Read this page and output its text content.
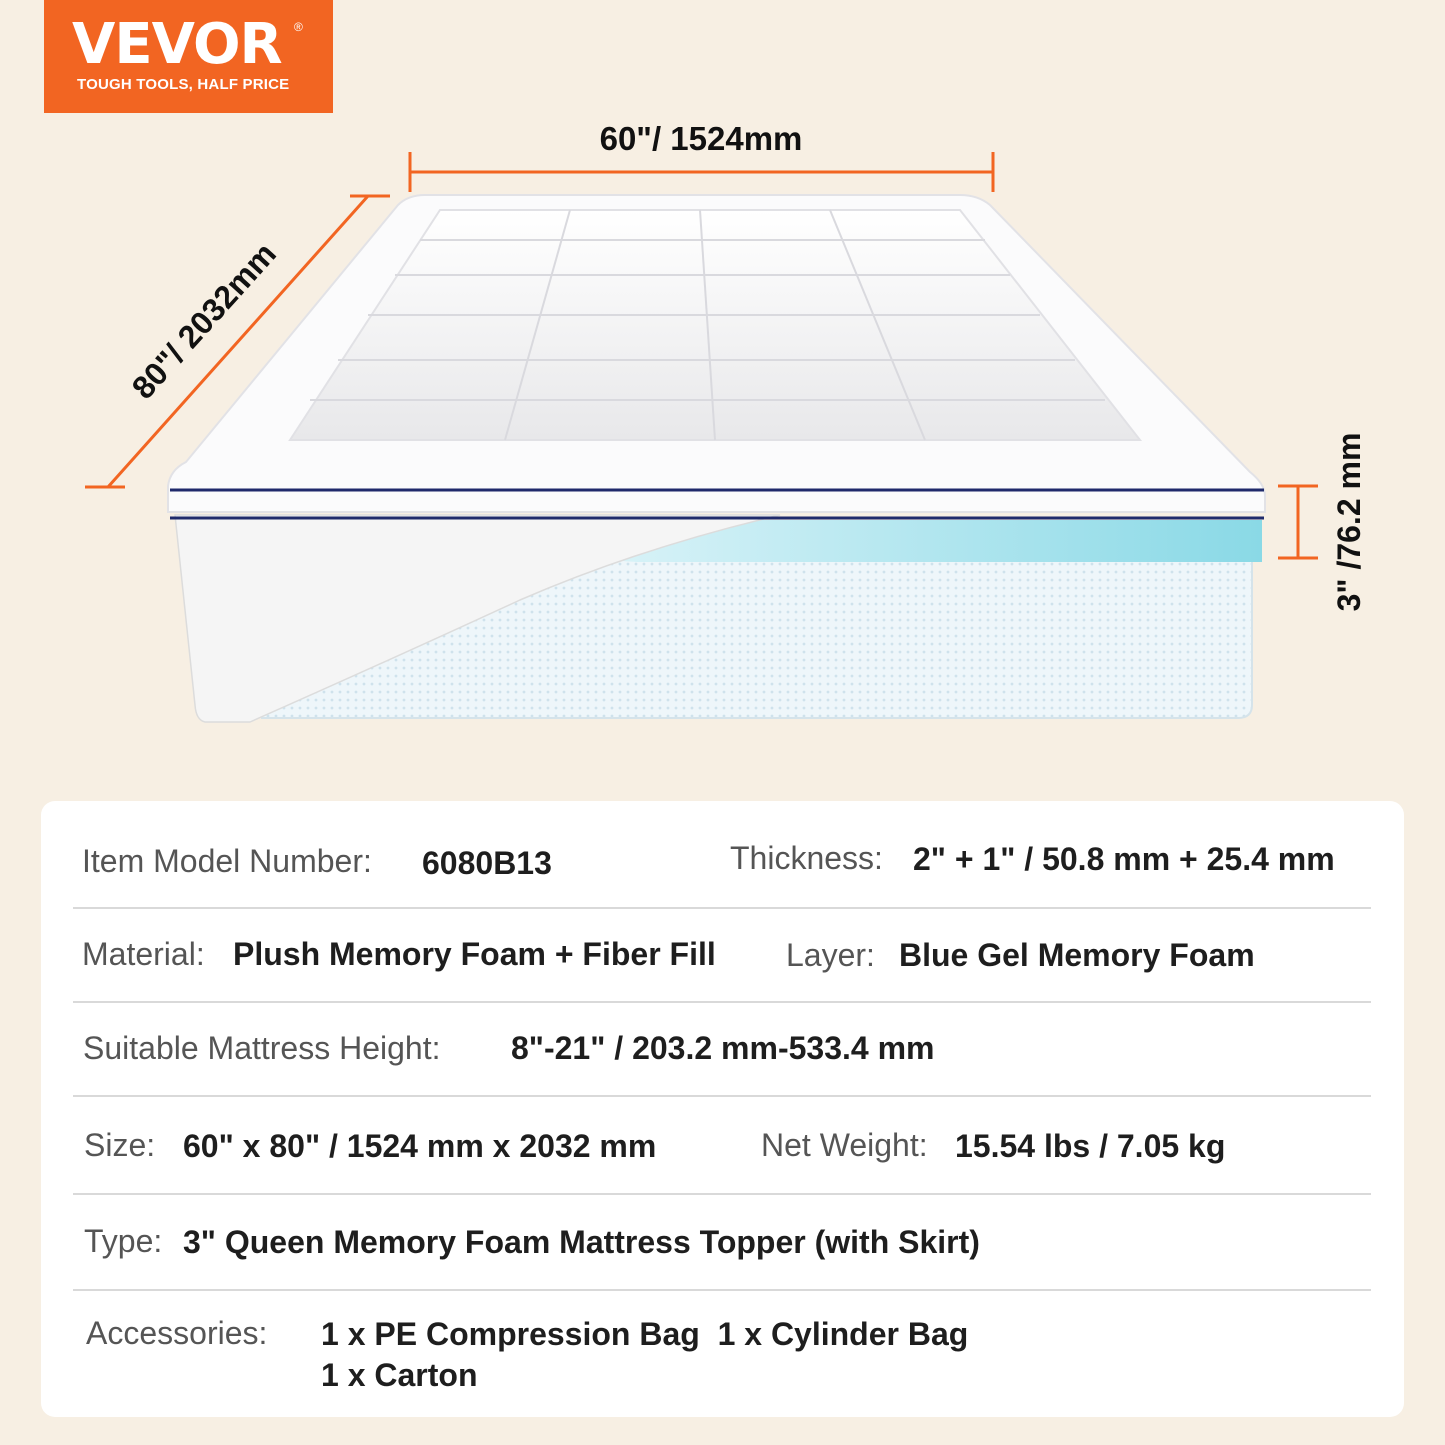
VEVOR ®
TOUGH TOOLS, HALF PRICE
60"/ 1524mm
80"/ 2032mm
3" /76.2 mm
Item Model Number: 6080B13	Thickness: 2" + 1" / 50.8 mm + 25.4 mm
Material: Plush Memory Foam + Fiber Fill Layer: Blue Gel Memory Foam
Suitable Mattress Height: 8"-21" / 203.2 mm-533.4 mm
Size: 60" x 80" / 1524 mm x 2032 mm	Net Weight: 15.54 lbs / 7.05 kg
Type: 3" Queen Memory Foam Mattress Topper (with Skirt)
Accessories: 1 x PE Compression Bag  1 x Cylinder Bag
1 x Carton
